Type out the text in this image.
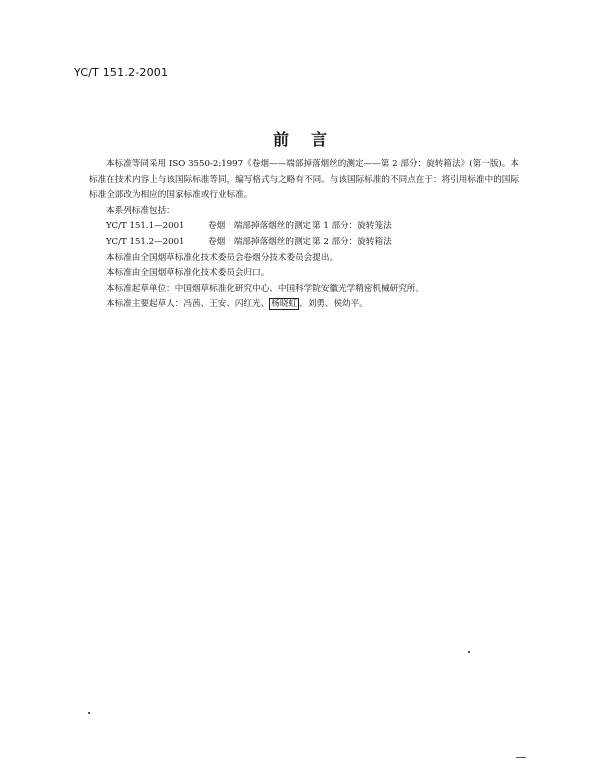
YC/T 151.2-2001
前言

本标准等同采用 ISO 3550-2:1997《卷烟——端部掉落烟丝的测定——第 2 部分：旋转箱法》(第一版)。本标准在技术内容上与该国际标准等同，编写格式与之略有不同。与该国际标准的不同点在于：将引用标准中的国际标准全部改为相应的国家标准或行业标准。

本系列标准包括：

YC/T 151.1—2001	卷烟　端部掉落烟丝的测定第 1 部分：旋转笼法

YC/T 151.2—2001	卷烟　端部掉落烟丝的测定第 2 部分：旋转箱法

本标准由全国烟草标准化技术委员会卷烟分技术委员会提出。

本标准由全国烟草标准化技术委员会归口。

本标准起草单位：中国烟草标准化研究中心、中国科学院安徽光学精密机械研究所。

本标准主要起草人：冯茜、王安、闪红光、 杨晓虹 、刘勇、侯幼平。
